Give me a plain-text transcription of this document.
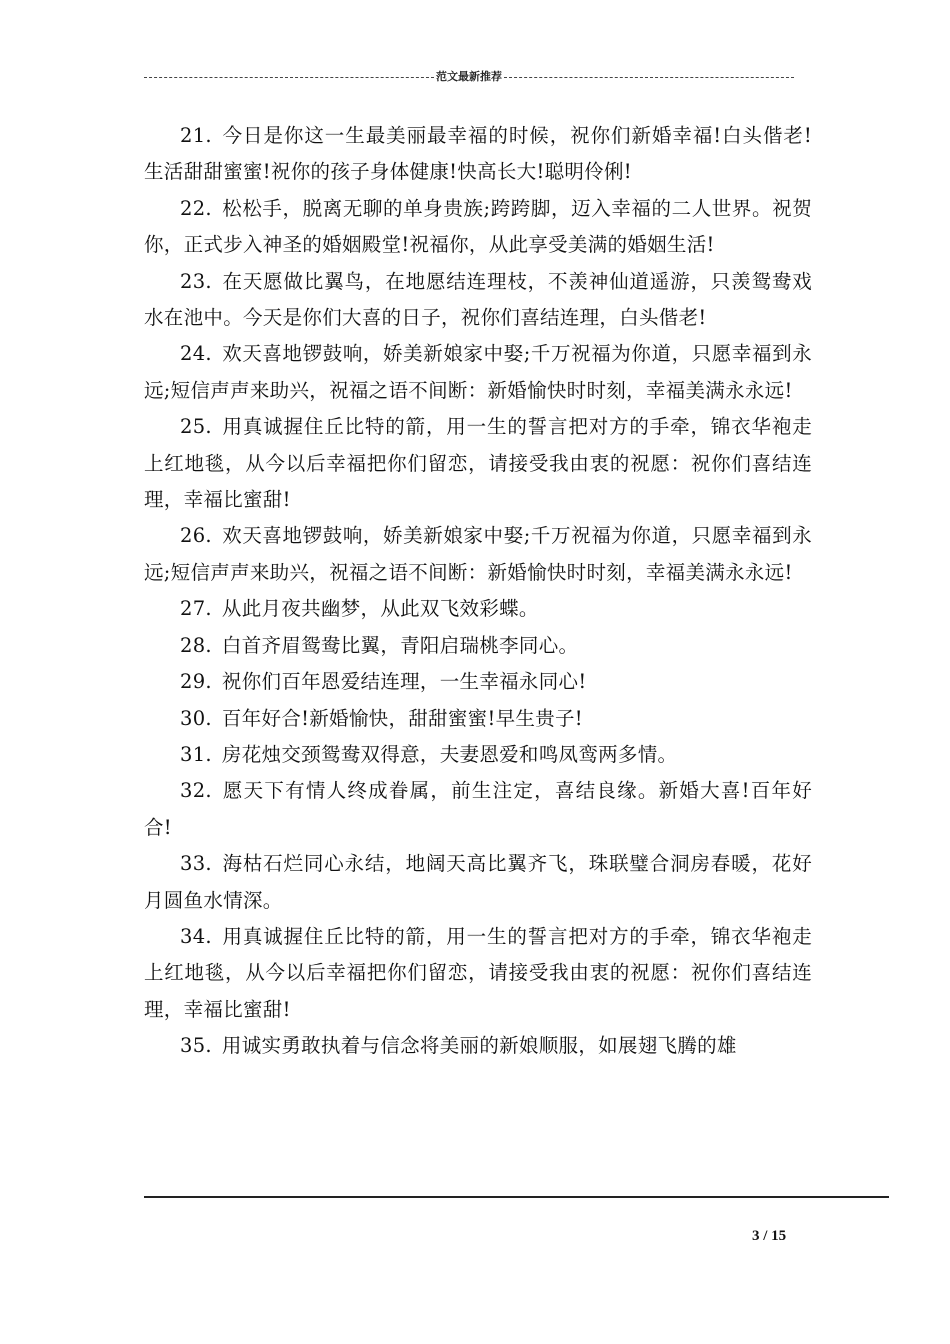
范文最新推荐

21. 今日是你这一生最美丽最幸福的时候，祝你们新婚幸福!白头偕老!生活甜甜蜜蜜!祝你的孩子身体健康!快高长大!聪明伶俐!

22. 松松手，脱离无聊的单身贵族;跨跨脚，迈入幸福的二人世界。祝贺你，正式步入神圣的婚姻殿堂!祝福你，从此享受美满的婚姻生活!

23. 在天愿做比翼鸟，在地愿结连理枝，不羡神仙道遥游，只羡鸳鸯戏水在池中。今天是你们大喜的日子，祝你们喜结连理，白头偕老!

24. 欢天喜地锣鼓响，娇美新娘家中娶;千万祝福为你道，只愿幸福到永远;短信声声来助兴，祝福之语不间断：新婚愉快时时刻，幸福美满永永远!

25. 用真诚握住丘比特的箭，用一生的誓言把对方的手牵，锦衣华袍走上红地毯，从今以后幸福把你们留恋，请接受我由衷的祝愿：祝你们喜结连理，幸福比蜜甜!

26. 欢天喜地锣鼓响，娇美新娘家中娶;千万祝福为你道，只愿幸福到永远;短信声声来助兴，祝福之语不间断：新婚愉快时时刻，幸福美满永永远!

27. 从此月夜共幽梦，从此双飞效彩蝶。

28. 白首齐眉鸳鸯比翼，青阳启瑞桃李同心。

29. 祝你们百年恩爱结连理，一生幸福永同心!

30. 百年好合!新婚愉快，甜甜蜜蜜!早生贵子!

31. 房花烛交颈鸳鸯双得意，夫妻恩爱和鸣凤鸾两多情。

32. 愿天下有情人终成眷属，前生注定，喜结良缘。新婚大喜!百年好合!

33. 海枯石烂同心永结，地阔天高比翼齐飞，珠联璧合洞房春暖，花好月圆鱼水情深。

34. 用真诚握住丘比特的箭，用一生的誓言把对方的手牵，锦衣华袍走上红地毯，从今以后幸福把你们留恋，请接受我由衷的祝愿：祝你们喜结连理，幸福比蜜甜!

35. 用诚实勇敢执着与信念将美丽的新娘顺服，如展翅飞腾的雄

3 / 15
